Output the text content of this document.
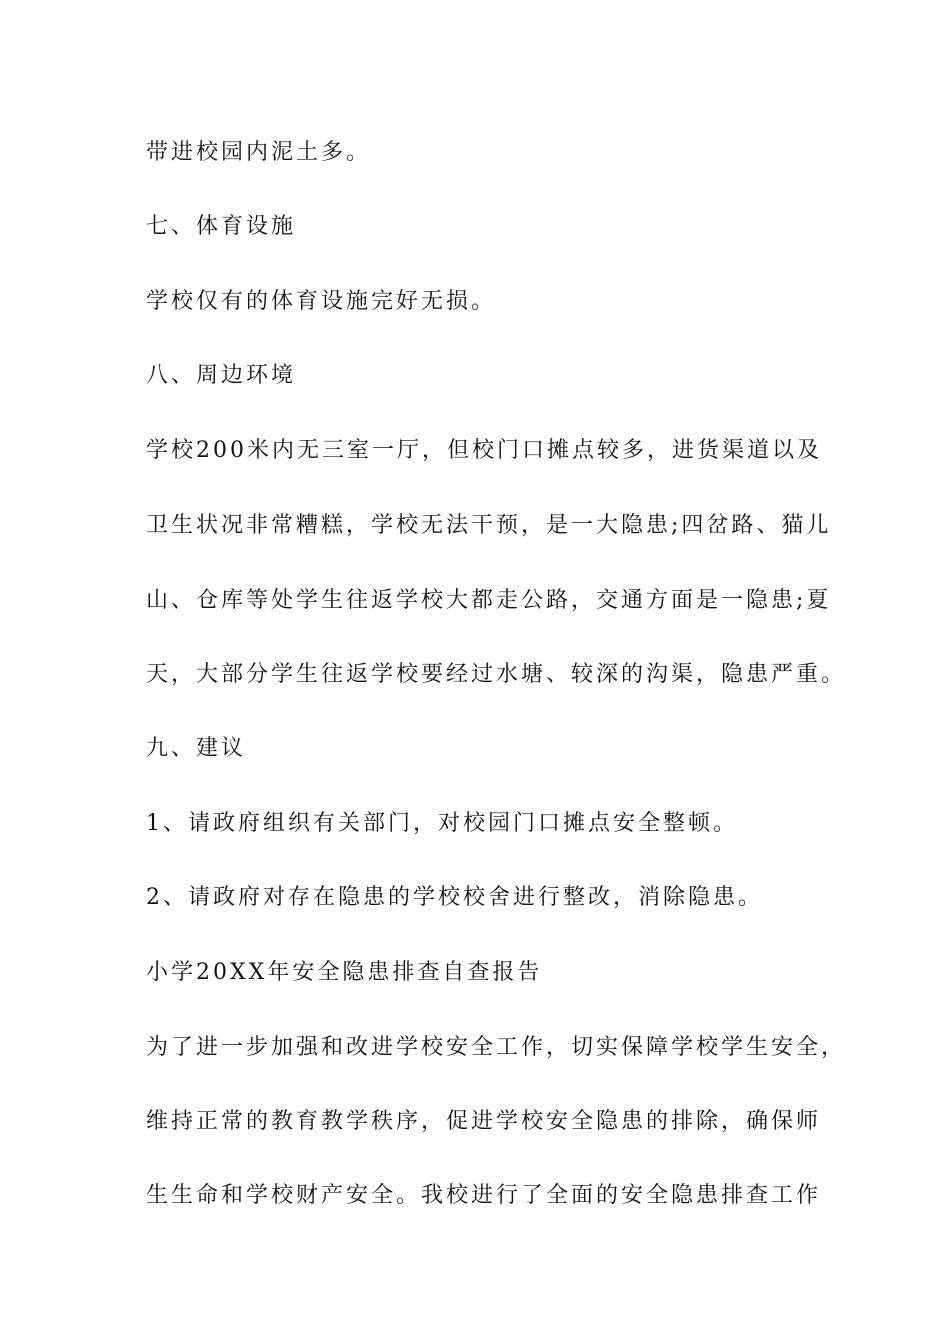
带进校园内泥土多。
七、体育设施
学校仅有的体育设施完好无损。
八、周边环境
学校200米内无三室一厅，但校门口摊点较多，进货渠道以及
卫生状况非常糟糕，学校无法干预，是一大隐患;四岔路、猫儿
山、仓库等处学生往返学校大都走公路，交通方面是一隐患;夏
天，大部分学生往返学校要经过水塘、较深的沟渠，隐患严重。
九、建议
1、请政府组织有关部门，对校园门口摊点安全整顿。
2、请政府对存在隐患的学校校舍进行整改，消除隐患。
小学20XX年安全隐患排查自查报告
为了进一步加强和改进学校安全工作，切实保障学校学生安全，
维持正常的教育教学秩序，促进学校安全隐患的排除，确保师
生生命和学校财产安全。我校进行了全面的安全隐患排查工作
